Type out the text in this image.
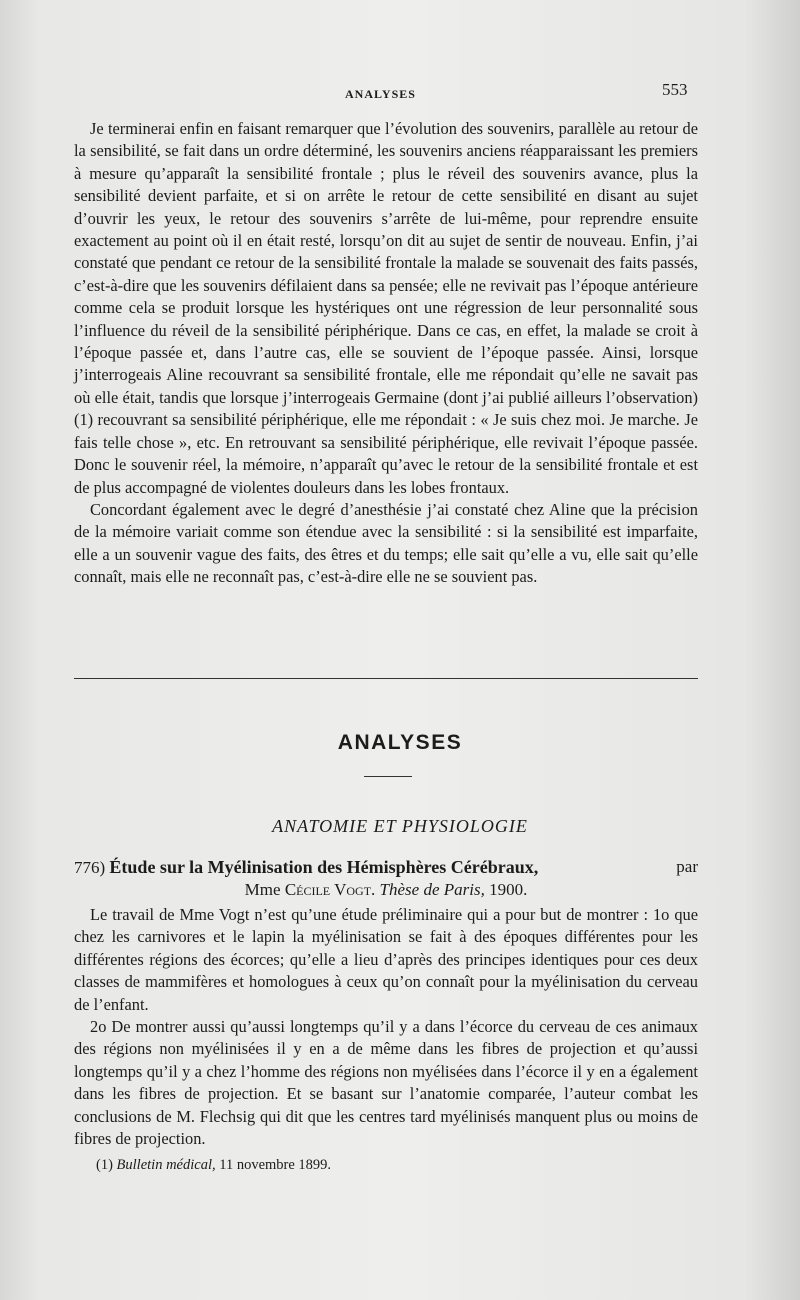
ANALYSES	553

Je terminerai enfin en faisant remarquer que l’évolution des souvenirs, parallèle au retour de la sensibilité, se fait dans un ordre déterminé, les souvenirs anciens réapparaissant les premiers à mesure qu’apparaît la sensibilité frontale ; plus le réveil des souvenirs avance, plus la sensibilité devient parfaite, et si on arrête le retour de cette sensibilité en disant au sujet d’ouvrir les yeux, le retour des souvenirs s’arrête de lui-même, pour reprendre ensuite exactement au point où il en était resté, lorsqu’on dit au sujet de sentir de nouveau. Enfin, j’ai constaté que pendant ce retour de la sensibilité frontale la malade se souvenait des faits passés, c’est-à-dire que les souvenirs défilaient dans sa pensée; elle ne revivait pas l’époque antérieure comme cela se produit lorsque les hystériques ont une régression de leur personnalité sous l’influence du réveil de la sensibilité périphérique. Dans ce cas, en effet, la malade se croit à l’époque passée et, dans l’autre cas, elle se souvient de l’époque passée. Ainsi, lorsque j’interrogeais Aline recouvrant sa sensibilité frontale, elle me répondait qu’elle ne savait pas où elle était, tandis que lorsque j’interrogeais Germaine (dont j’ai publié ailleurs l’observation) (1) recouvrant sa sensibilité périphérique, elle me répondait : « Je suis chez moi. Je marche. Je fais telle chose », etc. En retrouvant sa sensibilité périphérique, elle revivait l’époque passée. Donc le souvenir réel, la mémoire, n’apparaît qu’avec le retour de la sensibilité frontale et est de plus accompagné de violentes douleurs dans les lobes frontaux.

Concordant également avec le degré d’anesthésie j’ai constaté chez Aline que la précision de la mémoire variait comme son étendue avec la sensibilité : si la sensibilité est imparfaite, elle a un souvenir vague des faits, des êtres et du temps; elle sait qu’elle a vu, elle sait qu’elle connaît, mais elle ne reconnaît pas, c’est-à-dire elle ne se souvient pas.

ANALYSES
ANATOMIE ET PHYSIOLOGIE
776) Étude sur la Myélinisation des Hémisphères Cérébraux,	par
Mme Cécile Vogt. Thèse de Paris, 1900.

Le travail de Mme Vogt n’est qu’une étude préliminaire qui a pour but de montrer : 1o que chez les carnivores et le lapin la myélinisation se fait à des époques différentes pour les différentes régions des écorces; qu’elle a lieu d’après des principes identiques pour ces deux classes de mammifères et homologues à ceux qu’on connaît pour la myélinisation du cerveau de l’enfant.

2o De montrer aussi qu’aussi longtemps qu’il y a dans l’écorce du cerveau de ces animaux des régions non myélinisées il y en a de même dans les fibres de projection et qu’aussi longtemps qu’il y a chez l’homme des régions non myélisées dans l’écorce il y en a également dans les fibres de projection. Et se basant sur l’anatomie comparée, l’auteur combat les conclusions de M. Flechsig qui dit que les centres tard myélinisés manquent plus ou moins de fibres de projection.

(1) Bulletin médical, 11 novembre 1899.
